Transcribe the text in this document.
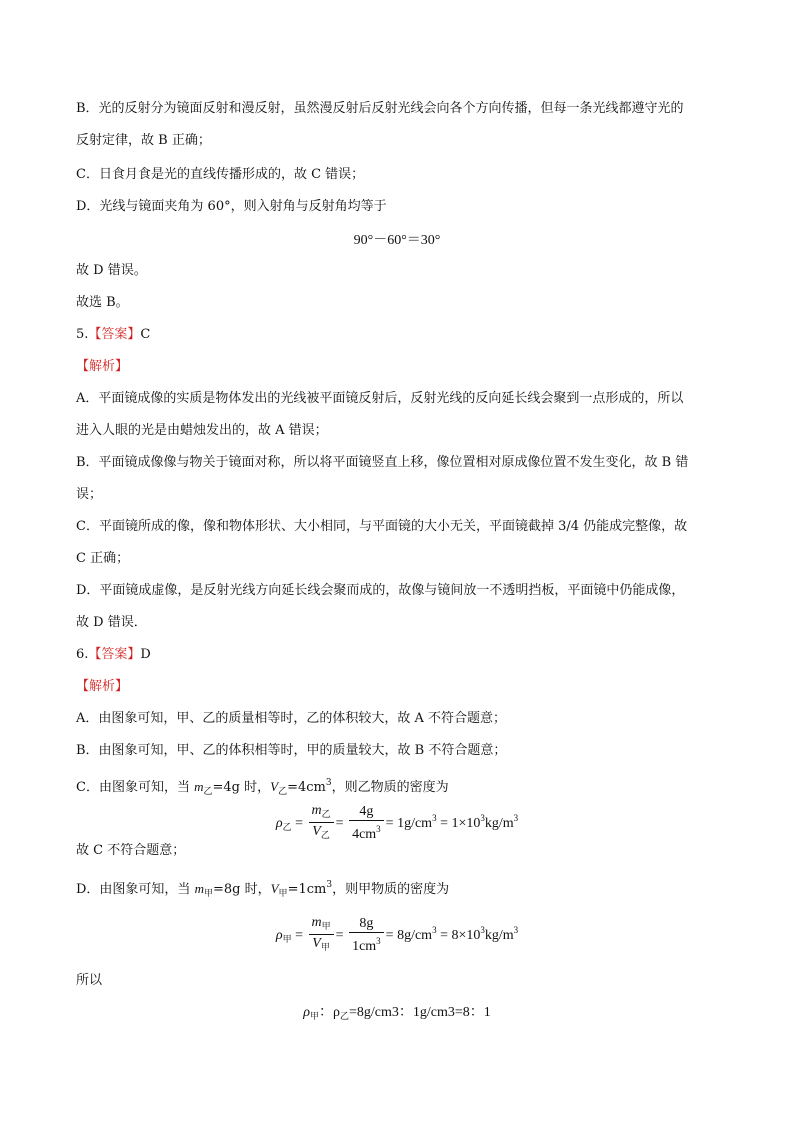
B．光的反射分为镜面反射和漫反射，虽然漫反射后反射光线会向各个方向传播，但每一条光线都遵守光的
反射定律，故 B 正确；
C．日食月食是光的直线传播形成的，故 C 错误；
D．光线与镜面夹角为 60°，则入射角与反射角均等于
90°－60°＝30°
故 D 错误。
故选 B。
5.【答案】C
【解析】
A．平面镜成像的实质是物体发出的光线被平面镜反射后，反射光线的反向延长线会聚到一点形成的，所以
进入人眼的光是由蜡烛发出的，故 A 错误；
B．平面镜成像像与物关于镜面对称，所以将平面镜竖直上移，像位置相对原成像位置不发生变化，故 B 错
误；
C．平面镜所成的像，像和物体形状、大小相同，与平面镜的大小无关，平面镜截掉 3/4 仍能成完整像，故
C 正确；
D．平面镜成虚像，是反射光线方向延长线会聚而成的，故像与镜间放一不透明挡板，平面镜中仍能成像，
故 D 错误．
6.【答案】D
【解析】
A．由图象可知，甲、乙的质量相等时，乙的体积较大，故 A 不符合题意；
B．由图象可知，甲、乙的体积相等时，甲的质量较大，故 B 不符合题意；
C．由图象可知，当 $m_乙=4g$ 时，$V_乙=4cm^3$，则乙物质的密度为
$\rho_乙 = \frac{m_乙}{V_乙} = \frac{4g}{4cm^3} = 1g/cm^3 = 1\times 10^3kg/m^3$
故 C 不符合题意；
D．由图象可知，当 $m_甲=8g$ 时，$V_甲=1cm^3$，则甲物质的密度为
$\rho_甲 = \frac{m_甲}{V_甲} = \frac{8g}{1cm^3} = 8g/cm^3 = 8\times 10^3kg/m^3$
所以
$\rho_甲$：$\rho_乙=8g/cm3$：1g/cm3=8：1
